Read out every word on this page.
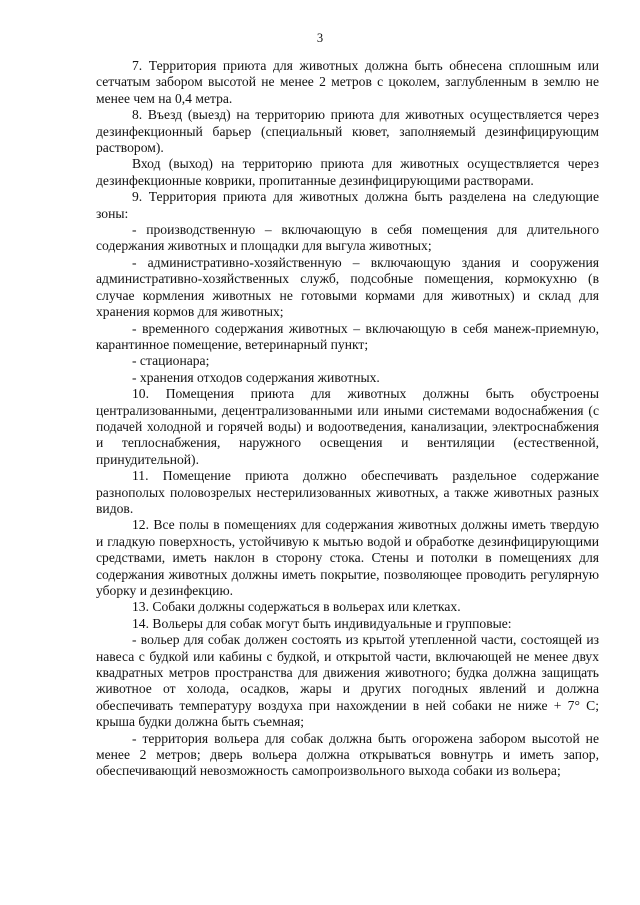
3

7. Территория приюта для животных должна быть обнесена сплошным или сетчатым забором высотой не менее 2 метров с цоколем, заглубленным в землю не менее чем на 0,4 метра.

8. Въезд (выезд) на территорию приюта для животных осуществляется через дезинфекционный барьер (специальный кювет, заполняемый дезинфицирующим раствором).

Вход (выход) на территорию приюта для животных осуществляется через дезинфекционные коврики, пропитанные дезинфицирующими растворами.

9. Территория приюта для животных должна быть разделена на следующие зоны:

- производственную – включающую в себя помещения для длительного содержания животных и площадки для выгула животных;

- административно-хозяйственную – включающую здания и сооружения административно-хозяйственных служб, подсобные помещения, кормокухню (в случае кормления животных не готовыми кормами для животных) и склад для хранения кормов для животных;

- временного содержания животных – включающую в себя манеж-приемную, карантинное помещение, ветеринарный пункт;

- стационара;

- хранения отходов содержания животных.

10. Помещения приюта для животных должны быть обустроены централизованными, децентрализованными или иными системами водоснабжения (с подачей холодной и горячей воды) и водоотведения, канализации, электроснабжения и теплоснабжения, наружного освещения и вентиляции (естественной, принудительной).

11. Помещение приюта должно обеспечивать раздельное содержание разнополых половозрелых нестерилизованных животных, а также животных разных видов.

12. Все полы в помещениях для содержания животных должны иметь твердую и гладкую поверхность, устойчивую к мытью водой и обработке дезинфицирующими средствами, иметь наклон в сторону стока. Стены и потолки в помещениях для содержания животных должны иметь покрытие, позволяющее проводить регулярную уборку и дезинфекцию.

13. Собаки должны содержаться в вольерах или клетках.

14. Вольеры для собак могут быть индивидуальные и групповые:

- вольер для собак должен состоять из крытой утепленной части, состоящей из навеса с будкой или кабины с будкой, и открытой части, включающей не менее двух квадратных метров пространства для движения животного; будка должна защищать животное от холода, осадков, жары и других погодных явлений и должна обеспечивать температуру воздуха при нахождении в ней собаки не ниже + 7° С; крыша будки должна быть съемная;

- территория вольера для собак должна быть огорожена забором высотой не менее 2 метров; дверь вольера должна открываться вовнутрь и иметь запор, обеспечивающий невозможность самопроизвольного выхода собаки из вольера;
